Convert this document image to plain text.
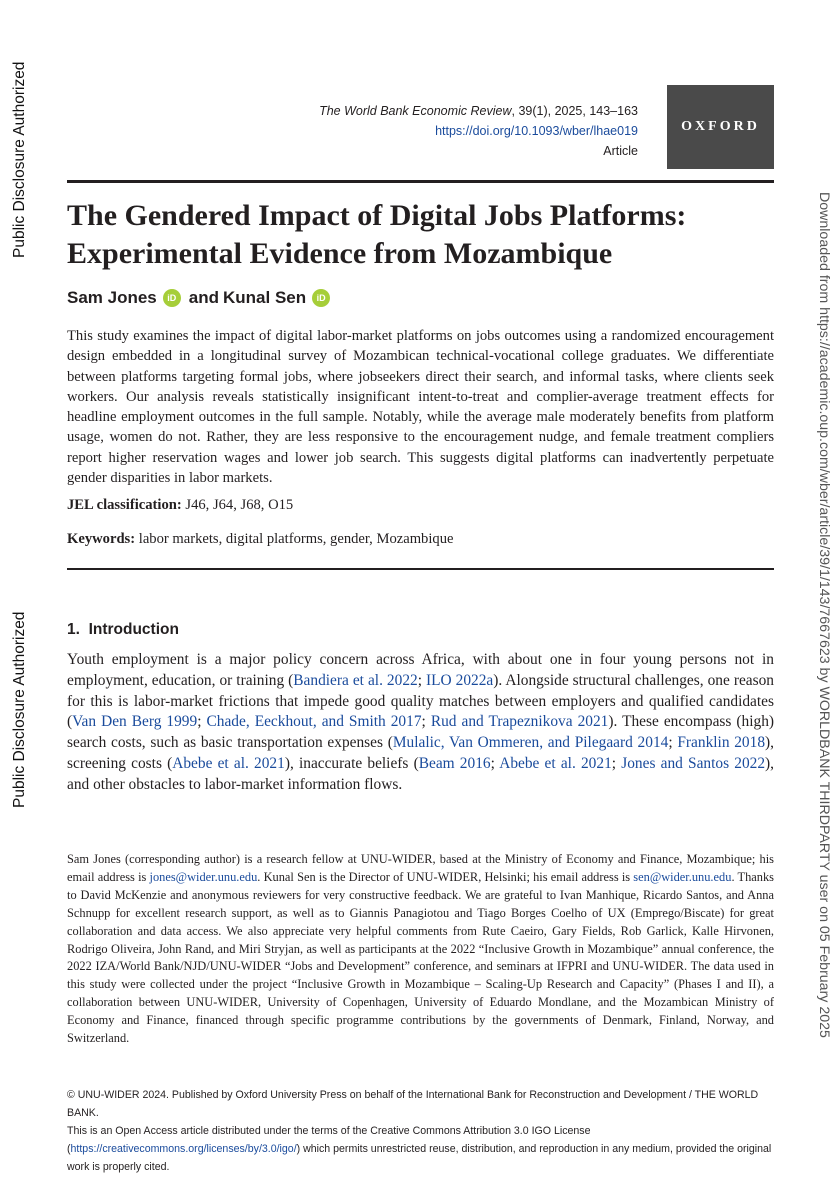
Public Disclosure Authorized
Public Disclosure Authorized	Downloaded from https://academic.oup.com/wber/article/39/1/143/7667623 by WORLDBANK THIRDPARTY user on 05 February 2025
The World Bank Economic Review, 39(1), 2025, 143–163
https://doi.org/10.1093/wber/lhae019
Article
OXFORD
The Gendered Impact of Digital Jobs Platforms:
Experimental Evidence from Mozambique
Sam Jones	iD and Kunal Sen	iD

This study examines the impact of digital labor-market platforms on jobs outcomes using a randomized encouragement design embedded in a longitudinal survey of Mozambican technical-vocational college graduates. We differentiate between platforms targeting formal jobs, where jobseekers direct their search, and informal tasks, where clients seek workers. Our analysis reveals statistically insignificant intent-to-treat and complier-average treatment effects for headline employment outcomes in the full sample. Notably, while the average male moderately benefits from platform usage, women do not. Rather, they are less responsive to the encouragement nudge, and female treatment compliers report higher reservation wages and lower job search. This suggests digital platforms can inadvertently perpetuate gender disparities in labor markets.

JEL classification: J46, J64, J68, O15
Keywords: labor markets, digital platforms, gender, Mozambique
1. Introduction

Youth employment is a major policy concern across Africa, with about one in four young persons not in employment, education, or training (Bandiera et al. 2022; ILO 2022a). Alongside structural challenges, one reason for this is labor-market frictions that impede good quality matches between employers and qualified candidates (Van Den Berg 1999; Chade, Eeckhout, and Smith 2017; Rud and Trapeznikova 2021). These encompass (high) search costs, such as basic transportation expenses (Mulalic, Van Ommeren, and Pilegaard 2014; Franklin 2018), screening costs (Abebe et al. 2021), inaccurate beliefs (Beam 2016; Abebe et al. 2021; Jones and Santos 2022), and other obstacles to labor-market information flows.

Sam Jones (corresponding author) is a research fellow at UNU-WIDER, based at the Ministry of Economy and Finance, Mozambique; his email address is jones@wider.unu.edu. Kunal Sen is the Director of UNU-WIDER, Helsinki; his email address is sen@wider.unu.edu. Thanks to David McKenzie and anonymous reviewers for very constructive feedback. We are grateful to Ivan Manhique, Ricardo Santos, and Anna Schnupp for excellent research support, as well as to Giannis Panagiotou and Tiago Borges Coelho of UX (Emprego/Biscate) for great collaboration and data access. We also appreciate very helpful comments from Rute Caeiro, Gary Fields, Rob Garlick, Kalle Hirvonen, Rodrigo Oliveira, John Rand, and Miri Stryjan, as well as participants at the 2022 “Inclusive Growth in Mozambique” annual conference, the 2022 IZA/World Bank/NJD/UNU-WIDER “Jobs and Development” conference, and seminars at IFPRI and UNU-WIDER. The data used in this study were collected under the project “Inclusive Growth in Mozambique – Scaling-Up Research and Capacity” (Phases I and II), a collaboration between UNU-WIDER, University of Copenhagen, University of Eduardo Mondlane, and the Mozambican Ministry of Economy and Finance, financed through specific programme contributions by the governments of Denmark, Finland, Norway, and Switzerland.

© UNU-WIDER 2024. Published by Oxford University Press on behalf of the International Bank for Reconstruction and Development / THE WORLD BANK.
This is an Open Access article distributed under the terms of the Creative Commons Attribution 3.0 IGO License
(https://creativecommons.org/licenses/by/3.0/igo/) which permits unrestricted reuse, distribution, and reproduction in any medium, provided the original work is properly cited.
